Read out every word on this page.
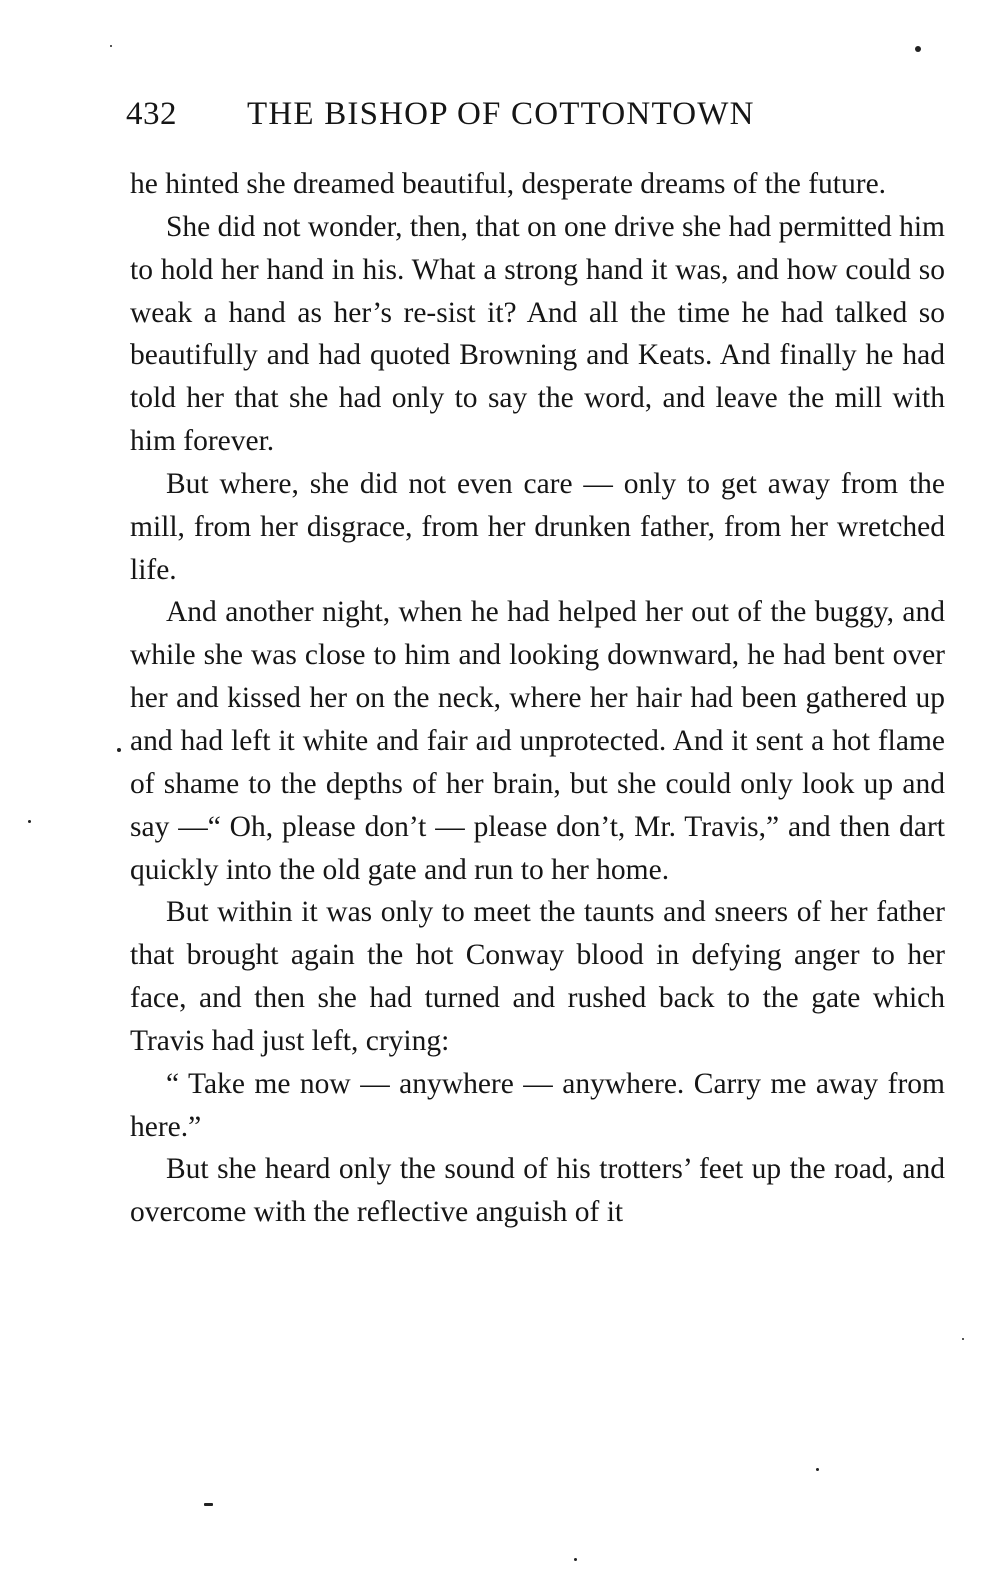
432 THE BISHOP OF COTTONTOWN

he hinted she dreamed beautiful, desperate dreams of the future.

She did not wonder, then, that on one drive she had permitted him to hold her hand in his. What a strong hand it was, and how could so weak a hand as her’s re-sist it? And all the time he had talked so beautifully and had quoted Browning and Keats. And finally he had told her that she had only to say the word, and leave the mill with him forever.

But where, she did not even care — only to get away from the mill, from her disgrace, from her drunken father, from her wretched life.

And another night, when he had helped her out of the buggy, and while she was close to him and looking downward, he had bent over her and kissed her on the neck, where her hair had been gathered up and had left it white and fair aɪd unprotected. And it sent a hot flame of shame to the depths of her brain, but she could only look up and say —“ Oh, please don’t — please don’t, Mr. Travis,” and then dart quickly into the old gate and run to her home.

But within it was only to meet the taunts and sneers of her father that brought again the hot Conway blood in defying anger to her face, and then she had turned and rushed back to the gate which Travis had just left, crying:

“ Take me now — anywhere — anywhere. Carry me away from here.”

But she heard only the sound of his trotters’ feet up the road, and overcome with the reflective anguish of it
